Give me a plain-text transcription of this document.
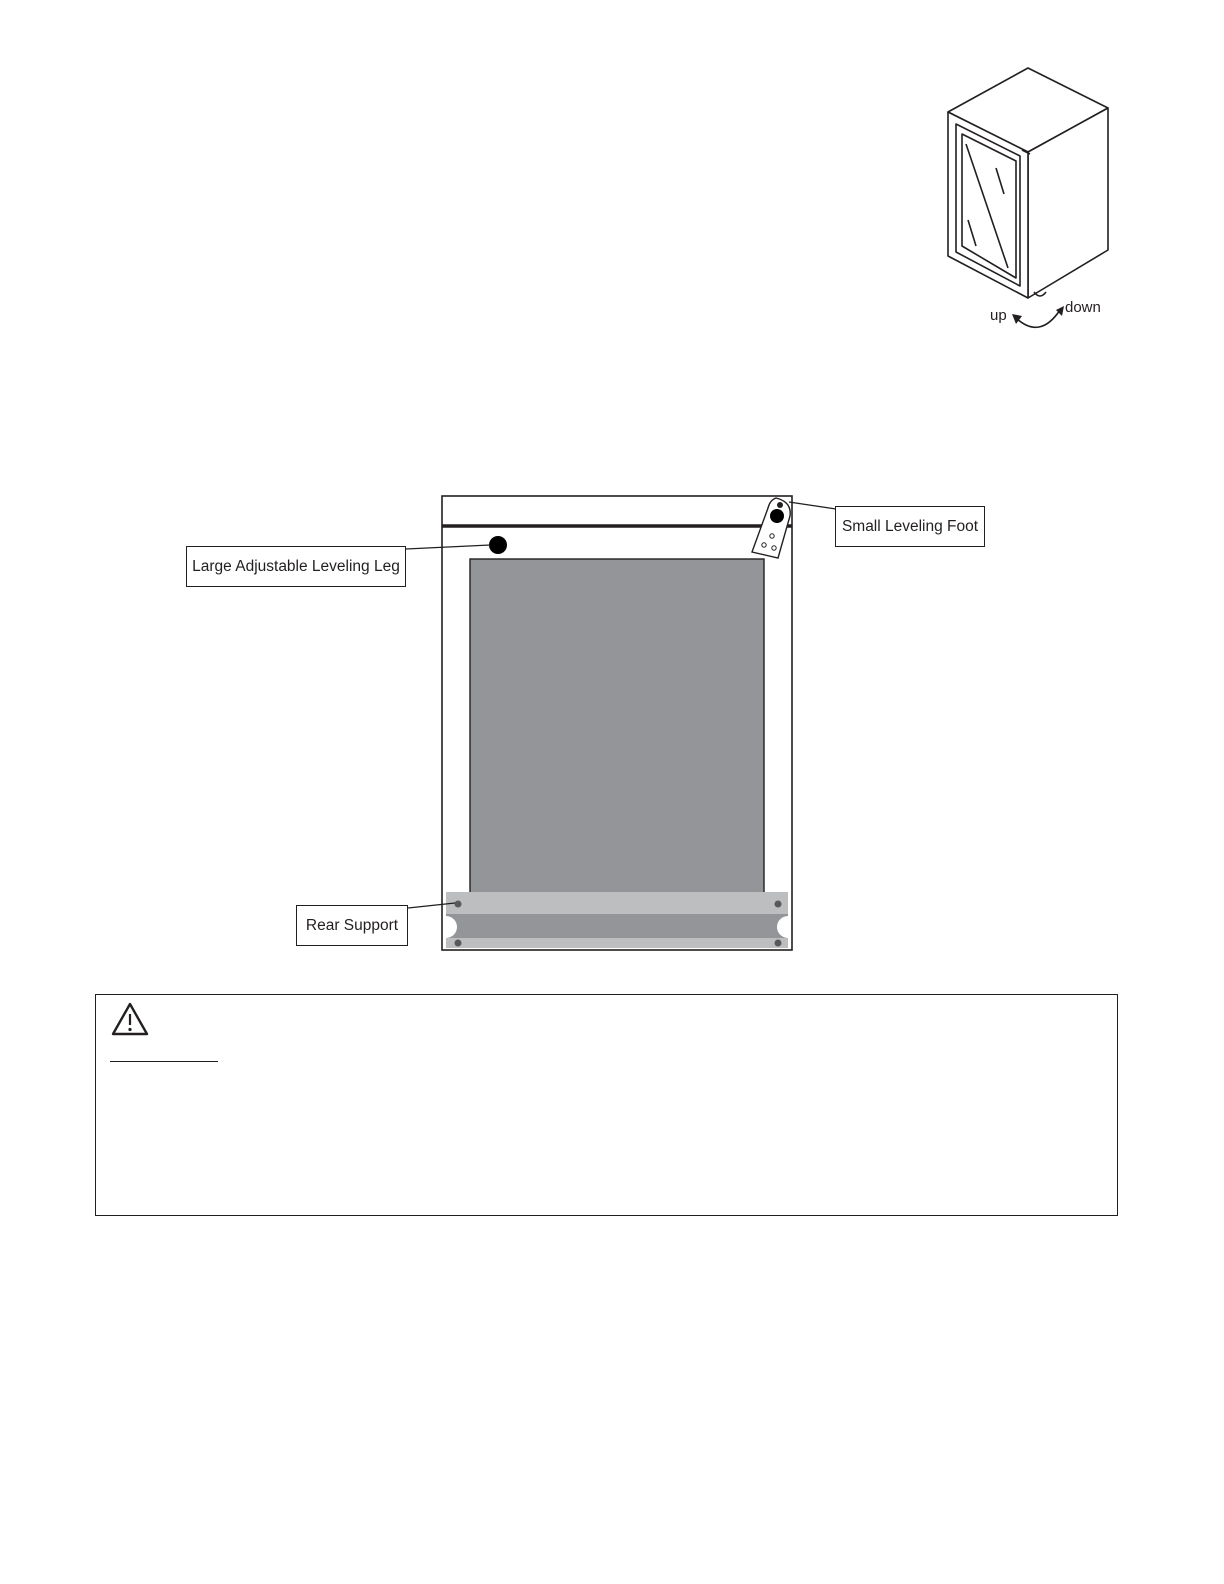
up	down
Small Leveling Foot
Large Adjustable Leveling Leg
Rear Support
